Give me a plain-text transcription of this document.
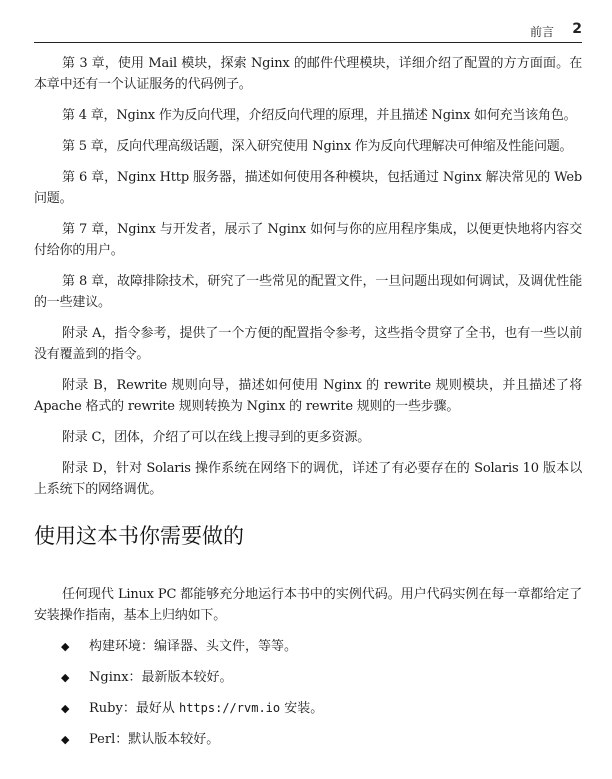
前言 2

第 3 章，使用 Mail 模块，探索 Nginx 的邮件代理模块，详细介绍了配置的方方面面。在本章中还有一个认证服务的代码例子。

第 4 章，Nginx 作为反向代理，介绍反向代理的原理，并且描述 Nginx 如何充当该角色。

第 5 章，反向代理高级话题，深入研究使用 Nginx 作为反向代理解决可伸缩及性能问题。

第 6 章，Nginx Http 服务器，描述如何使用各种模块，包括通过 Nginx 解决常见的 Web 问题。

第 7 章，Nginx 与开发者，展示了 Nginx 如何与你的应用程序集成，以便更快地将内容交付给你的用户。

第 8 章，故障排除技术，研究了一些常见的配置文件，一旦问题出现如何调试，及调优性能的一些建议。

附录 A，指令参考，提供了一个方便的配置指令参考，这些指令贯穿了全书，也有一些以前没有覆盖到的指令。

附录 B，Rewrite 规则向导，描述如何使用 Nginx 的 rewrite 规则模块，并且描述了将 Apache 格式的 rewrite 规则转换为 Nginx 的 rewrite 规则的一些步骤。

附录 C，团体，介绍了可以在线上搜寻到的更多资源。

附录 D，针对 Solaris 操作系统在网络下的调优，详述了有必要存在的 Solaris 10 版本以上系统下的网络调优。

使用这本书你需要做的

任何现代 Linux PC 都能够充分地运行本书中的实例代码。用户代码实例在每一章都给定了安装操作指南，基本上归纳如下。

◆ 构建环境：编译器、头文件，等等。
◆ Nginx：最新版本较好。
◆ Ruby：最好从 https://rvm.io 安装。
◆ Perl：默认版本较好。
